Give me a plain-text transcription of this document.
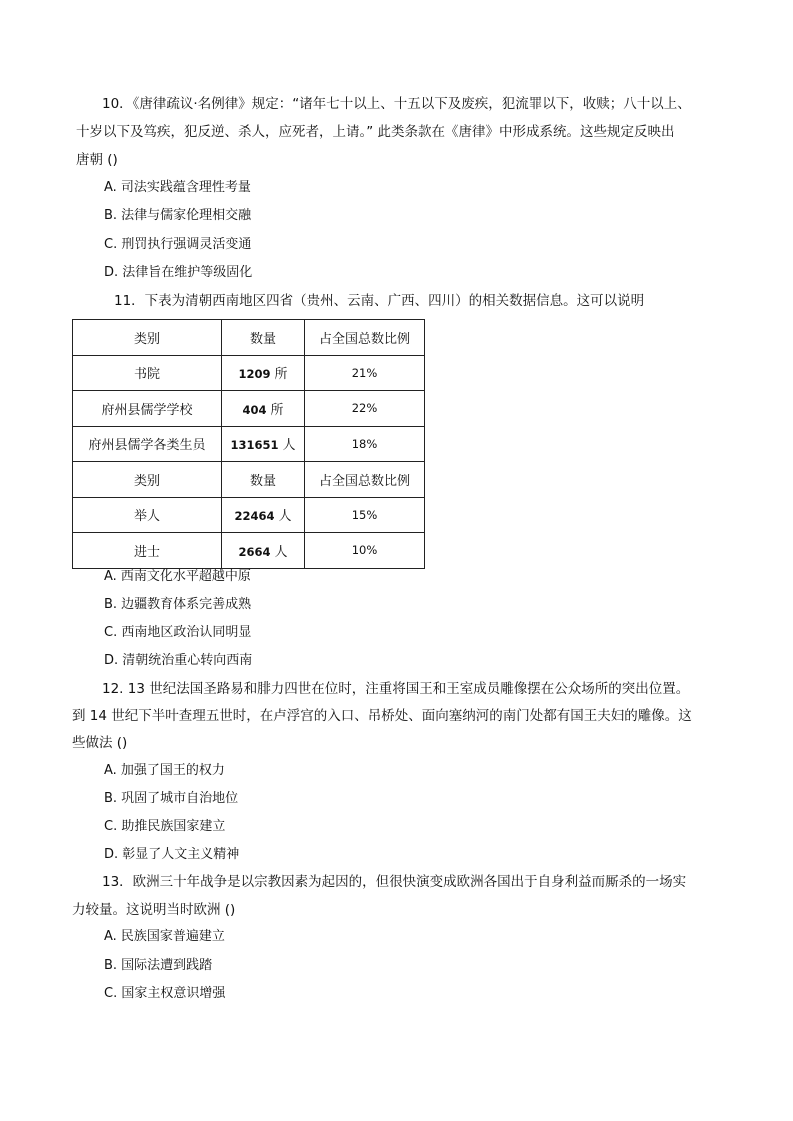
10．《唐律疏议·名例律》规定：“诸年七十以上、十五以下及废疾，犯流罪以下，收赎；八十以上、
十岁以下及笃疾，犯反逆、杀人，应死者，上请。” 此类条款在《唐律》中形成系统。这些规定反映出
唐朝 ()
A. 司法实践蕴含理性考量
B. 法律与儒家伦理相交融
C. 刑罚执行强调灵活变通
D. 法律旨在维护等级固化
11．下表为清朝西南地区四省（贵州、云南、广西、四川）的相关数据信息。这可以说明
类别	数量	占全国总数比例
书院	1209 所	21%
府州县儒学学校	404 所	22%
府州县儒学各类生员	131651 人	18%
类别	数量	占全国总数比例
举人	22464 人	15%
进士	2664 人	10%
A. 西南文化水平超越中原
B. 边疆教育体系完善成熟
C. 西南地区政治认同明显
D. 清朝统治重心转向西南
12. 13 世纪法国圣路易和腓力四世在位时，注重将国王和王室成员雕像摆在公众场所的突出位置。
到 14 世纪下半叶查理五世时，在卢浮宫的入口、吊桥处、面向塞纳河的南门处都有国王夫妇的雕像。这
些做法 ()
A. 加强了国王的权力
B. 巩固了城市自治地位
C. 助推民族国家建立
D. 彰显了人文主义精神
13．欧洲三十年战争是以宗教因素为起因的，但很快演变成欧洲各国出于自身利益而厮杀的一场实
力较量。这说明当时欧洲 ()
A. 民族国家普遍建立
B. 国际法遭到践踏
C. 国家主权意识增强
